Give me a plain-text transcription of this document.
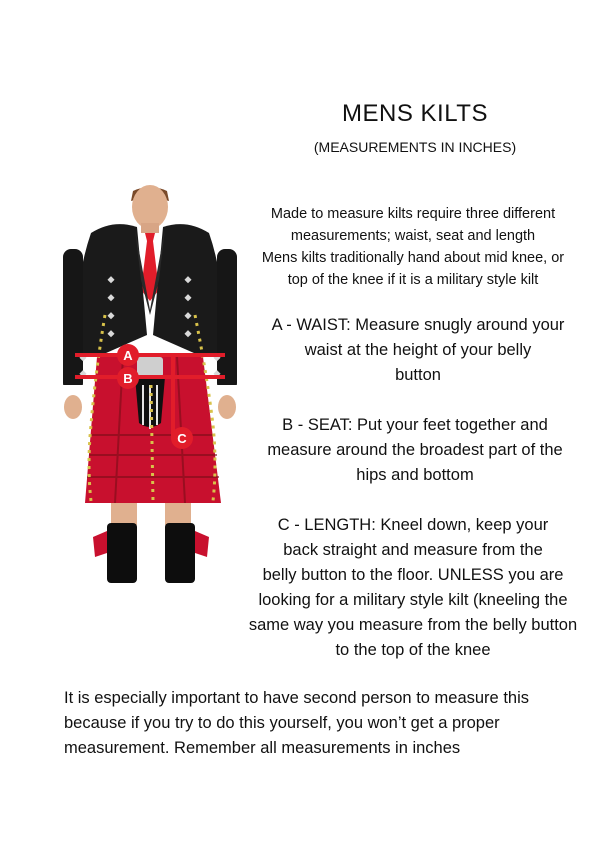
MENS KILTS
(MEASUREMENTS IN INCHES)
Made to measure kilts require three different
measurements; waist, seat and length
Mens kilts traditionally hand about mid knee, or
top of the knee if it is a military style kilt
A - WAIST: Measure snugly around your
waist at the height of your belly
button
B - SEAT: Put your feet together and
measure around the broadest part of the
hips and bottom
C - LENGTH: Kneel down, keep your
back straight and measure from the
belly button to the floor. UNLESS you are
looking for a military style kilt (kneeling the
same way you measure from the belly button
to the top of the knee
It is especially important to have second person to measure this
because if you try to do this yourself, you won’t get a proper
measurement. Remember all measurements in inches
A
B
C
